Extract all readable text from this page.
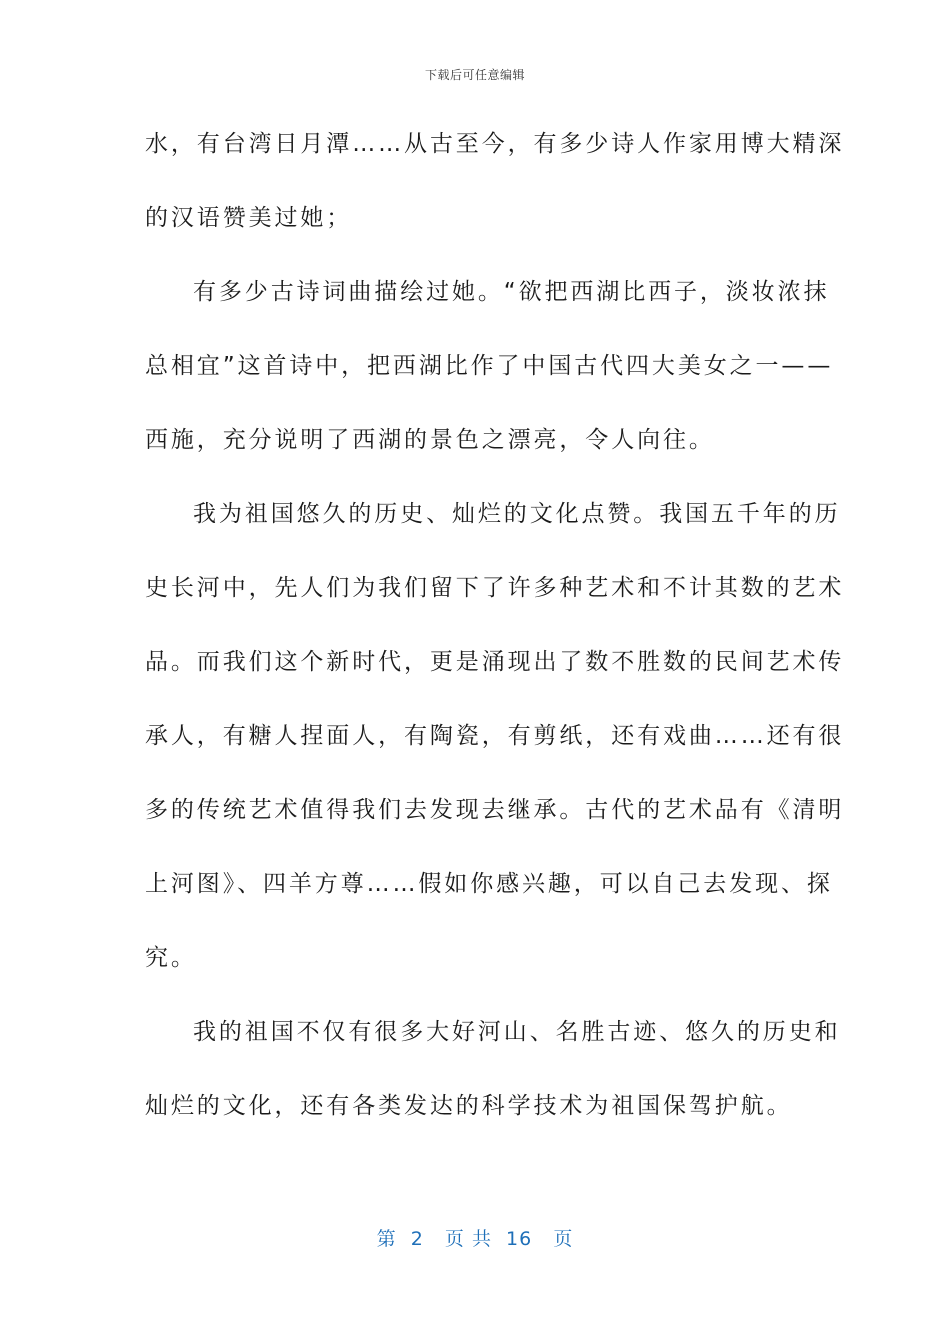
下载后可任意编辑
水，有台湾日月潭……从古至今，有多少诗人作家用博大精深
的汉语赞美过她；
有多少古诗词曲描绘过她。“欲把西湖比西子，淡妆浓抹
总相宜”这首诗中，把西湖比作了中国古代四大美女之一——
西施，充分说明了西湖的景色之漂亮，令人向往。
我为祖国悠久的历史、灿烂的文化点赞。我国五千年的历
史长河中，先人们为我们留下了许多种艺术和不计其数的艺术
品。而我们这个新时代，更是涌现出了数不胜数的民间艺术传
承人，有糖人捏面人，有陶瓷，有剪纸，还有戏曲……还有很
多的传统艺术值得我们去发现去继承。古代的艺术品有《清明
上河图》、四羊方尊……假如你感兴趣，可以自己去发现、探
究。
我的祖国不仅有很多大好河山、名胜古迹、悠久的历史和
灿烂的文化，还有各类发达的科学技术为祖国保驾护航。
第  2   页 共  16   页
